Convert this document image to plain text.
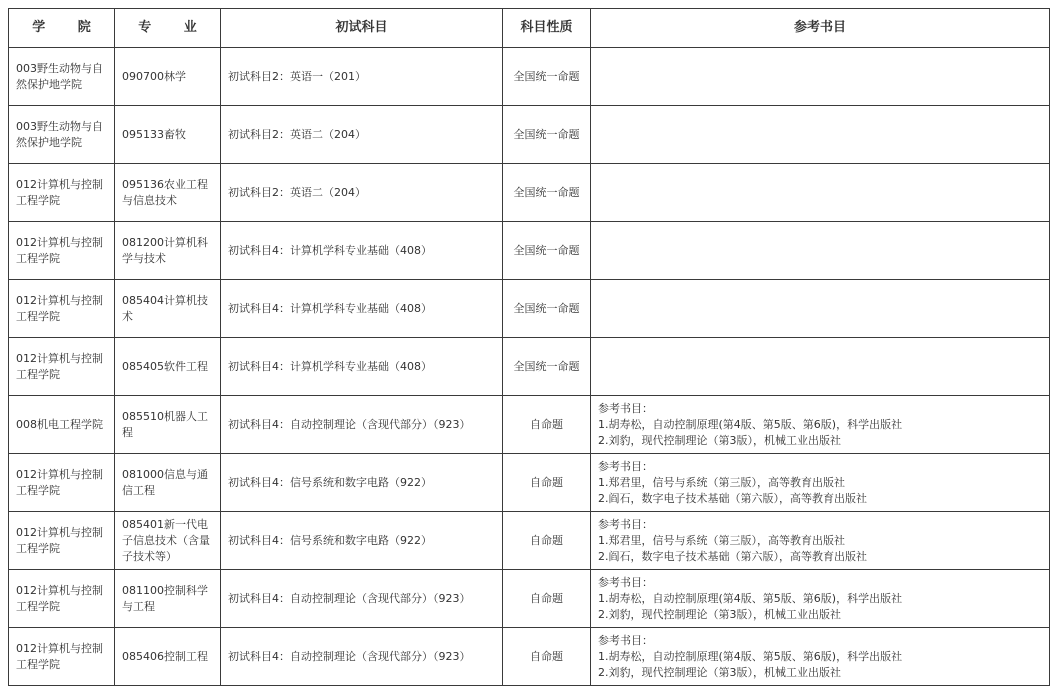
学 院	专 业	初试科目	科目性质	参考书目
003野生动物与自然保护地学院	090700林学	初试科目2：英语一（201）	全国统一命题	
003野生动物与自然保护地学院	095133畜牧	初试科目2：英语二（204）	全国统一命题	
012计算机与控制工程学院	095136农业工程与信息技术	初试科目2：英语二（204）	全国统一命题	
012计算机与控制工程学院	081200计算机科学与技术	初试科目4：计算机学科专业基础（408）	全国统一命题	
012计算机与控制工程学院	085404计算机技术	初试科目4：计算机学科专业基础（408）	全国统一命题	
012计算机与控制工程学院	085405软件工程	初试科目4：计算机学科专业基础（408）	全国统一命题	
008机电工程学院	085510机器人工程	初试科目4：自动控制理论（含现代部分）（923）	自命题	参考书目：
1.胡寿松，自动控制原理(第4版、第5版、第6版)，科学出版社
2.刘豹，现代控制理论（第3版），机械工业出版社

012计算机与控制工程学院	081000信息与通信工程	初试科目4：信号系统和数字电路（922）	自命题	参考书目：
1.郑君里，信号与系统（第三版），高等教育出版社
2.阎石，数字电子技术基础（第六版），高等教育出版社

012计算机与控制工程学院	085401新一代电子信息技术（含量子技术等）	初试科目4：信号系统和数字电路（922）	自命题	参考书目：
1.郑君里，信号与系统（第三版），高等教育出版社
2.阎石，数字电子技术基础（第六版），高等教育出版社

012计算机与控制工程学院	081100控制科学与工程	初试科目4：自动控制理论（含现代部分）（923）	自命题	参考书目：
1.胡寿松，自动控制原理(第4版、第5版、第6版)，科学出版社
2.刘豹，现代控制理论（第3版），机械工业出版社

012计算机与控制工程学院	085406控制工程	初试科目4：自动控制理论（含现代部分）（923）	自命题	参考书目：
1.胡寿松，自动控制原理(第4版、第5版、第6版)，科学出版社
2.刘豹，现代控制理论（第3版），机械工业出版社
